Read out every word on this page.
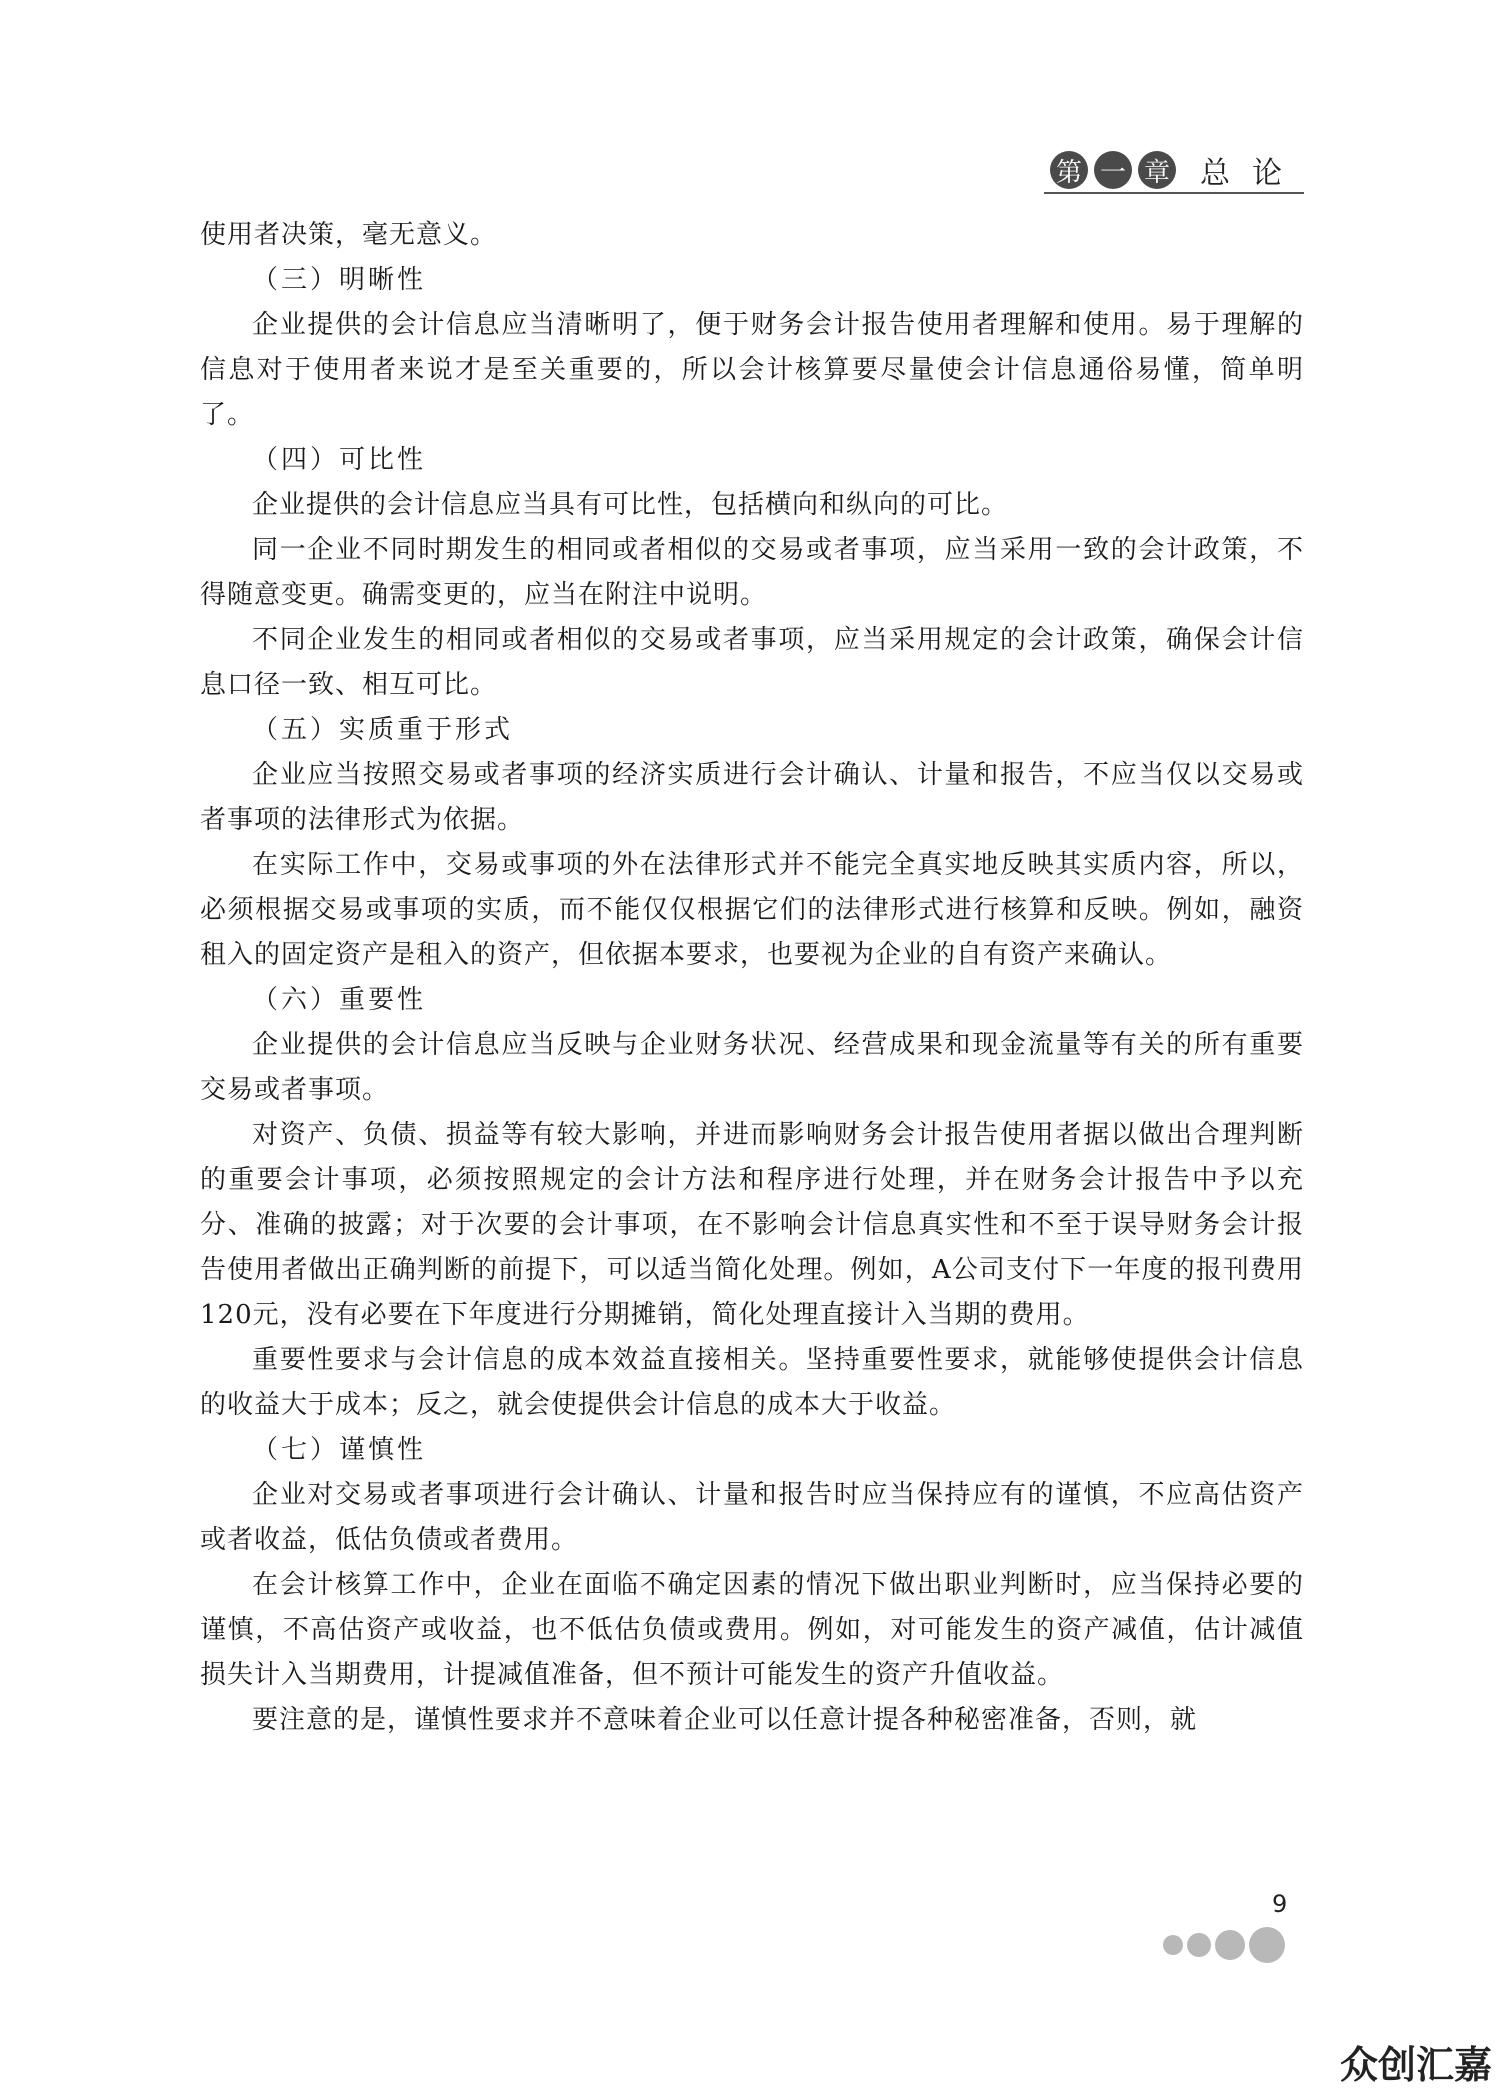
第 一 章 总论

使用者决策，毫无意义。

（三）明晰性

企业提供的会计信息应当清晰明了，便于财务会计报告使用者理解和使用。易于理解的信息对于使用者来说才是至关重要的，所以会计核算要尽量使会计信息通俗易懂，简单明了。

（四）可比性

企业提供的会计信息应当具有可比性，包括横向和纵向的可比。

同一企业不同时期发生的相同或者相似的交易或者事项，应当采用一致的会计政策，不得随意变更。确需变更的，应当在附注中说明。

不同企业发生的相同或者相似的交易或者事项，应当采用规定的会计政策，确保会计信息口径一致、相互可比。

（五）实质重于形式

企业应当按照交易或者事项的经济实质进行会计确认、计量和报告，不应当仅以交易或者事项的法律形式为依据。

在实际工作中，交易或事项的外在法律形式并不能完全真实地反映其实质内容，所以，必须根据交易或事项的实质，而不能仅仅根据它们的法律形式进行核算和反映。例如，融资租入的固定资产是租入的资产，但依据本要求，也要视为企业的自有资产来确认。

（六）重要性

企业提供的会计信息应当反映与企业财务状况、经营成果和现金流量等有关的所有重要交易或者事项。

对资产、负债、损益等有较大影响，并进而影响财务会计报告使用者据以做出合理判断的重要会计事项，必须按照规定的会计方法和程序进行处理，并在财务会计报告中予以充分、准确的披露；对于次要的会计事项，在不影响会计信息真实性和不至于误导财务会计报告使用者做出正确判断的前提下，可以适当简化处理。例如，A公司支付下一年度的报刊费用120元，没有必要在下年度进行分期摊销，简化处理直接计入当期的费用。

重要性要求与会计信息的成本效益直接相关。坚持重要性要求，就能够使提供会计信息的收益大于成本；反之，就会使提供会计信息的成本大于收益。

（七）谨慎性

企业对交易或者事项进行会计确认、计量和报告时应当保持应有的谨慎，不应高估资产或者收益，低估负债或者费用。

在会计核算工作中，企业在面临不确定因素的情况下做出职业判断时，应当保持必要的谨慎，不高估资产或收益，也不低估负债或费用。例如，对可能发生的资产减值，估计减值损失计入当期费用，计提减值准备，但不预计可能发生的资产升值收益。

要注意的是，谨慎性要求并不意味着企业可以任意计提各种秘密准备，否则，就

9
众创汇嘉
